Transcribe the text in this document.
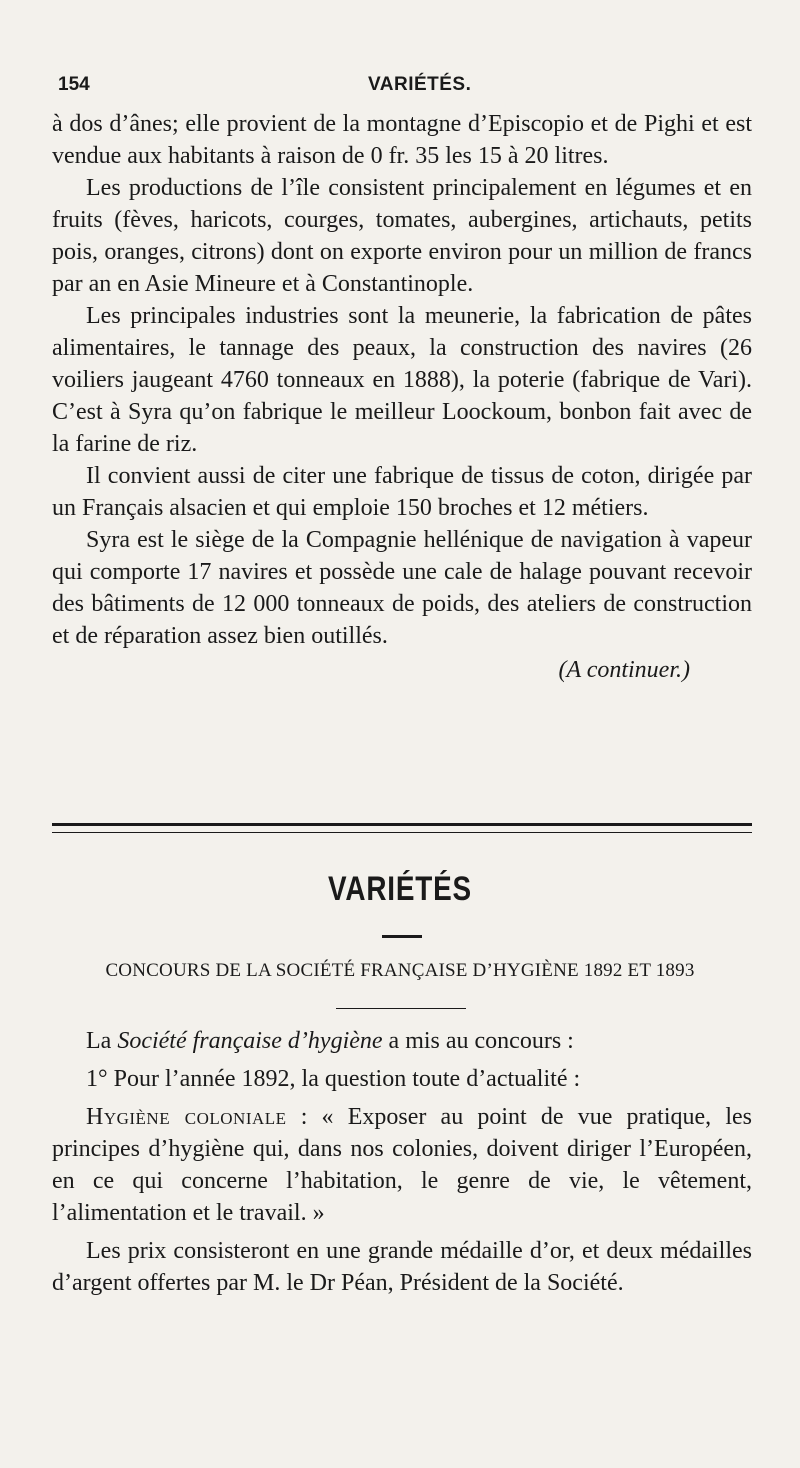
154	VARIÉTÉS.

à dos d’ânes; elle provient de la montagne d’Episcopio et de Pighi et est vendue aux habitants à raison de 0 fr. 35 les 15 à 20 litres.

Les productions de l’île consistent principalement en légumes et en fruits (fèves, haricots, courges, tomates, aubergines, artichauts, petits pois, oranges, citrons) dont on exporte environ pour un million de francs par an en Asie Mineure et à Constantinople.

Les principales industries sont la meunerie, la fabrication de pâtes alimentaires, le tannage des peaux, la construction des navires (26 voiliers jaugeant 4760 tonneaux en 1888), la poterie (fabrique de Vari). C’est à Syra qu’on fabrique le meilleur Loockoum, bonbon fait avec de la farine de riz.

Il convient aussi de citer une fabrique de tissus de coton, dirigée par un Français alsacien et qui emploie 150 broches et 12 métiers.

Syra est le siège de la Compagnie hellénique de navigation à vapeur qui comporte 17 navires et possède une cale de halage pouvant recevoir des bâtiments de 12 000 tonneaux de poids, des ateliers de construction et de réparation assez bien outillés.

(A continuer.)

VARIÉTÉS
CONCOURS DE LA SOCIÉTÉ FRANÇAISE D’HYGIÈNE 1892 ET 1893

La Société française d’hygiène a mis au concours :

1° Pour l’année 1892, la question toute d’actualité :

Hygiène coloniale : « Exposer au point de vue pratique, les principes d’hygiène qui, dans nos colonies, doivent diriger l’Européen, en ce qui concerne l’habitation, le genre de vie, le vêtement, l’alimentation et le travail. »

Les prix consisteront en une grande médaille d’or, et deux médailles d’argent offertes par M. le Dr Péan, Président de la Société.
